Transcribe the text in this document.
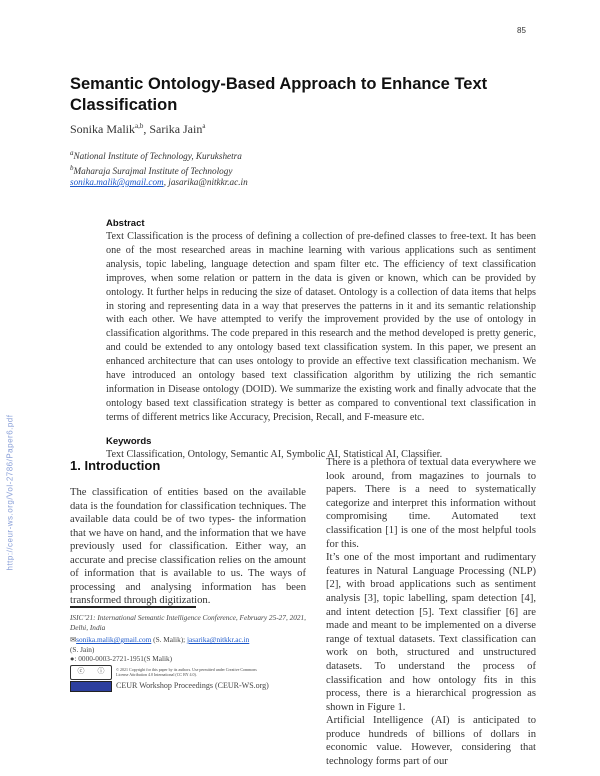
85
Semantic Ontology-Based Approach to Enhance Text Classification
Sonika Malik$^{a,b}$, Sarika Jain$^a$
$^a$National Institute of Technology, Kurukshetra
$^b$Maharaja Surajmal Institute of Technology
sonika.malik@gmail.com, jasarika@nitkkr.ac.in
Abstract
Text Classification is the process of defining a collection of pre-defined classes to free-text. It has been one of the most researched areas in machine learning with various applications such as sentiment analysis, topic labeling, language detection and spam filter etc. The efficiency of text classification improves, when some relation or pattern in the data is given or known, which can be provided by ontology. It further helps in reducing the size of dataset. Ontology is a collection of data items that helps in storing and representing data in a way that preserves the patterns in it and its semantic relationship with each other. We have attempted to verify the improvement provided by the use of ontology in classification algorithms. The code prepared in this research and the method developed is pretty generic, and could be extended to any ontology based text classification system. In this paper, we present an enhanced architecture that can uses ontology to provide an effective text classification mechanism. We have introduced an ontology based text classification algorithm by utilizing the rich semantic information in Disease ontology (DOID). We summarize the existing work and finally advocate that the ontology based text classification strategy is better as compared to conventional text classification in terms of different metrics like Accuracy, Precision, Recall, and F-measure etc.
Keywords
Text Classification, Ontology, Semantic AI, Symbolic AI, Statistical AI, Classifier.
1. Introduction
The classification of entities based on the available data is the foundation for classification techniques. The available data could be of two types- the information that we have on hand, and the information that we have previously used for classification. Either way, an accurate and precise classification relies on the amount of information that is available to us. The ways of processing and analysing information has been transformed through digitization.

There is a plethora of textual data everywhere we look around, from magazines to journals to papers. There is a need to systematically categorize and interpret this information without compromising time. Automated text classification [1] is one of the most helpful tools for this.

It’s one of the most important and rudimentary features in Natural Language Processing (NLP) [2], with broad applications such as sentiment analysis [3], topic labelling, spam detection [4], and intent detection [5]. Text classifier [6] are made and meant to be implemented on a diverse range of textual datasets. Text classification can work on both, structured and unstructured datasets. To understand the process of classification and how ontology fits in this process, there is a hierarchical progression as shown in Figure 1.

Artificial Intelligence (AI) is anticipated to produce hundreds of billions of dollars in economic value. However, considering that technology forms part of our

ISIC’21: International Semantic Intelligence Conference, February 25-27, 2021, Delhi, India
✉sonika.malik@gmail.com (S. Malik); jasarika@nitkkr.ac.in
(S. Jain)
●: 0000-0003-2721-1951(S Malik)
ⓒ ⓘ	© 2021 Copyright for this paper by its authors. Use permitted under Creative Commons License Attribution 4.0 International (CC BY 4.0).
CEUR Workshop Proceedings (CEUR-WS.org)
http://ceur-ws.org/Vol-2786/Paper6.pdf
